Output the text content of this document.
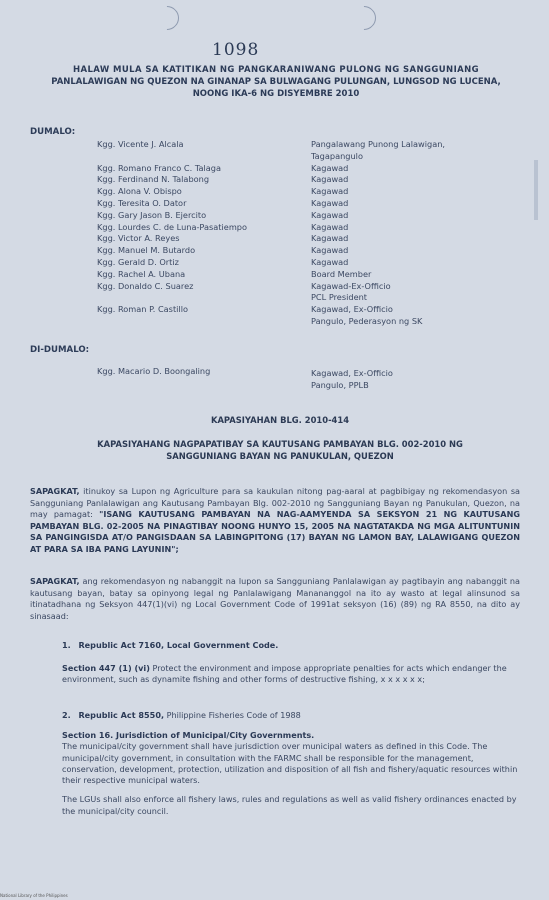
1098
HALAW MULA SA KATITIKAN NG PANGKARANIWANG PULONG NG SANGGUNIANG
PANLALAWIGAN NG QUEZON NA GINANAP SA BULWAGANG PULUNGAN, LUNGSOD NG LUCENA,
NOONG IKA-6 NG DISYEMBRE 2010
DUMALO:
Kgg. Vicente J. Alcala

Kgg. Romano Franco C. Talaga
Kgg. Ferdinand N. Talabong
Kgg. Alona V. Obispo
Kgg. Teresita O. Dator
Kgg. Gary Jason B. Ejercito
Kgg. Lourdes C. de Luna-Pasatiempo
Kgg. Victor A. Reyes
Kgg. Manuel M. Butardo
Kgg. Gerald D. Ortiz
Kgg. Rachel A. Ubana
Kgg. Donaldo C. Suarez

Kgg. Roman P. Castillo

Pangalawang Punong Lalawigan,
Tagapangulo
Kagawad
Kagawad
Kagawad
Kagawad
Kagawad
Kagawad
Kagawad
Kagawad
Kagawad
Board Member
Kagawad-Ex-Officio
PCL President
Kagawad, Ex-Officio
Pangulo, Pederasyon ng SK
DI-DUMALO:
Kgg. Macario D. Boongaling
	Kagawad, Ex-Officio
Pangulo, PPLB
KAPASIYAHAN BLG. 2010-414
KAPASIYAHANG NAGPAPATIBAY SA KAUTUSANG PAMBAYAN BLG. 002-2010 NG
SANGGUNIANG BAYAN NG PANUKULAN, QUEZON
SAPAGKAT, itinukoy sa Lupon ng Agriculture para sa kaukulan nitong pag-aaral at pagbibigay ng rekomendasyon sa Sangguniang Panlalawigan ang Kautusang Pambayan Blg. 002-2010 ng Sangguniang Bayan ng Panukulan, Quezon, na may pamagat: "ISANG KAUTUSANG PAMBAYAN NA NAG-AAMYENDA SA SEKSYON 21 NG KAUTUSANG PAMBAYAN BLG. 02-2005 NA PINAGTIBAY NOONG HUNYO 15, 2005 NA NAGTATAKDA NG MGA ALITUNTUNIN SA PANGINGISDA AT/O PANGISDAAN SA LABINGPITONG (17) BAYAN NG LAMON BAY, LALAWIGANG QUEZON AT PARA SA IBA PANG LAYUNIN";
SAPAGKAT, ang rekomendasyon ng nabanggit na lupon sa Sangguniang Panlalawigan ay pagtibayin ang nabanggit na kautusang bayan, batay sa opinyong legal ng Panlalawigang Manananggol na ito ay wasto at legal alinsunod sa itinatadhana ng Seksyon 447(1)(vi) ng Local Government Code of 1991at seksyon (16) (89) ng RA 8550, na dito ay sinasaad:
1. Republic Act 7160, Local Government Code.
Section 447 (1) (vi) Protect the environment and impose appropriate penalties for acts which endanger the environment, such as dynamite fishing and other forms of destructive fishing, x x x x x x;
2. Republic Act 8550, Philippine Fisheries Code of 1988
Section 16. Jurisdiction of Municipal/City Governments.
The municipal/city government shall have jurisdiction over municipal waters as defined in this Code. The municipal/city government, in consultation with the FARMC shall be responsible for the management, conservation, development, protection, utilization and disposition of all fish and fishery/aquatic resources within their respective municipal waters.
The LGUs shall also enforce all fishery laws, rules and regulations as well as valid fishery ordinances enacted by the municipal/city council.
National Library of the Philippines
